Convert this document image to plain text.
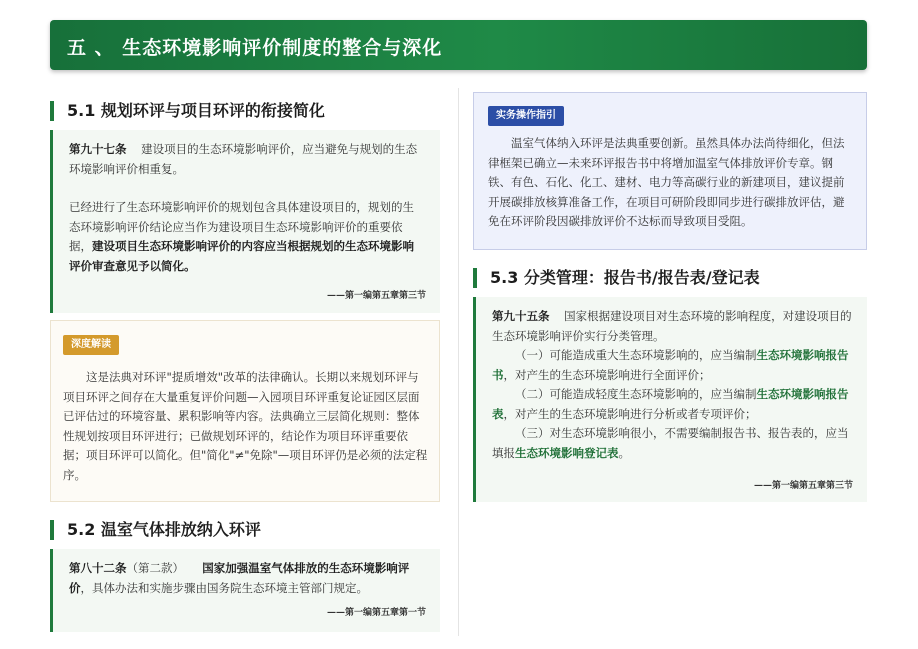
五 、 生态环境影响评价制度的整合与深化
5.1 规划环评与项目环评的衔接简化

第九十七条 建设项目的生态环境影响评价，应当避免与规划的生态环境影响评价相重复。

已经进行了生态环境影响评价的规划包含具体建设项目的，规划的生态环境影响评价结论应当作为建设项目生态环境影响评价的重要依据，建设项目生态环境影响评价的内容应当根据规划的生态环境影响评价审查意见予以简化。

——第一编第五章第三节
深度解读
这是法典对环评"提质增效"改革的法律确认。长期以来规划环评与项目环评之间存在大量重复评价问题—入园项目环评重复论证园区层面已评估过的环境容量、累积影响等内容。法典确立三层简化规则：整体性规划按项目环评进行；已做规划环评的，结论作为项目环评重要依据；项目环评可以简化。但"简化"≠"免除"—项目环评仍是必须的法定程序。
5.2 温室气体排放纳入环评

第八十二条（第二款） 国家加强温室气体排放的生态环境影响评价，具体办法和实施步骤由国务院生态环境主管部门规定。

——第一编第五章第一节
实务操作指引
温室气体纳入环评是法典重要创新。虽然具体办法尚待细化，但法律框架已确立—未来环评报告书中将增加温室气体排放评价专章。钢铁、有色、石化、化工、建材、电力等高碳行业的新建项目，建议提前开展碳排放核算准备工作，在项目可研阶段即同步进行碳排放评估，避免在环评阶段因碳排放评价不达标而导致项目受阻。
5.3 分类管理：报告书/报告表/登记表

第九十五条 国家根据建设项目对生态环境的影响程度，对建设项目的生态环境影响评价实行分类管理。

（一）可能造成重大生态环境影响的，应当编制生态环境影响报告书，对产生的生态环境影响进行全面评价；

（二）可能造成轻度生态环境影响的，应当编制生态环境影响报告表，对产生的生态环境影响进行分析或者专项评价；

（三）对生态环境影响很小，不需要编制报告书、报告表的，应当填报生态环境影响登记表。

——第一编第五章第三节
